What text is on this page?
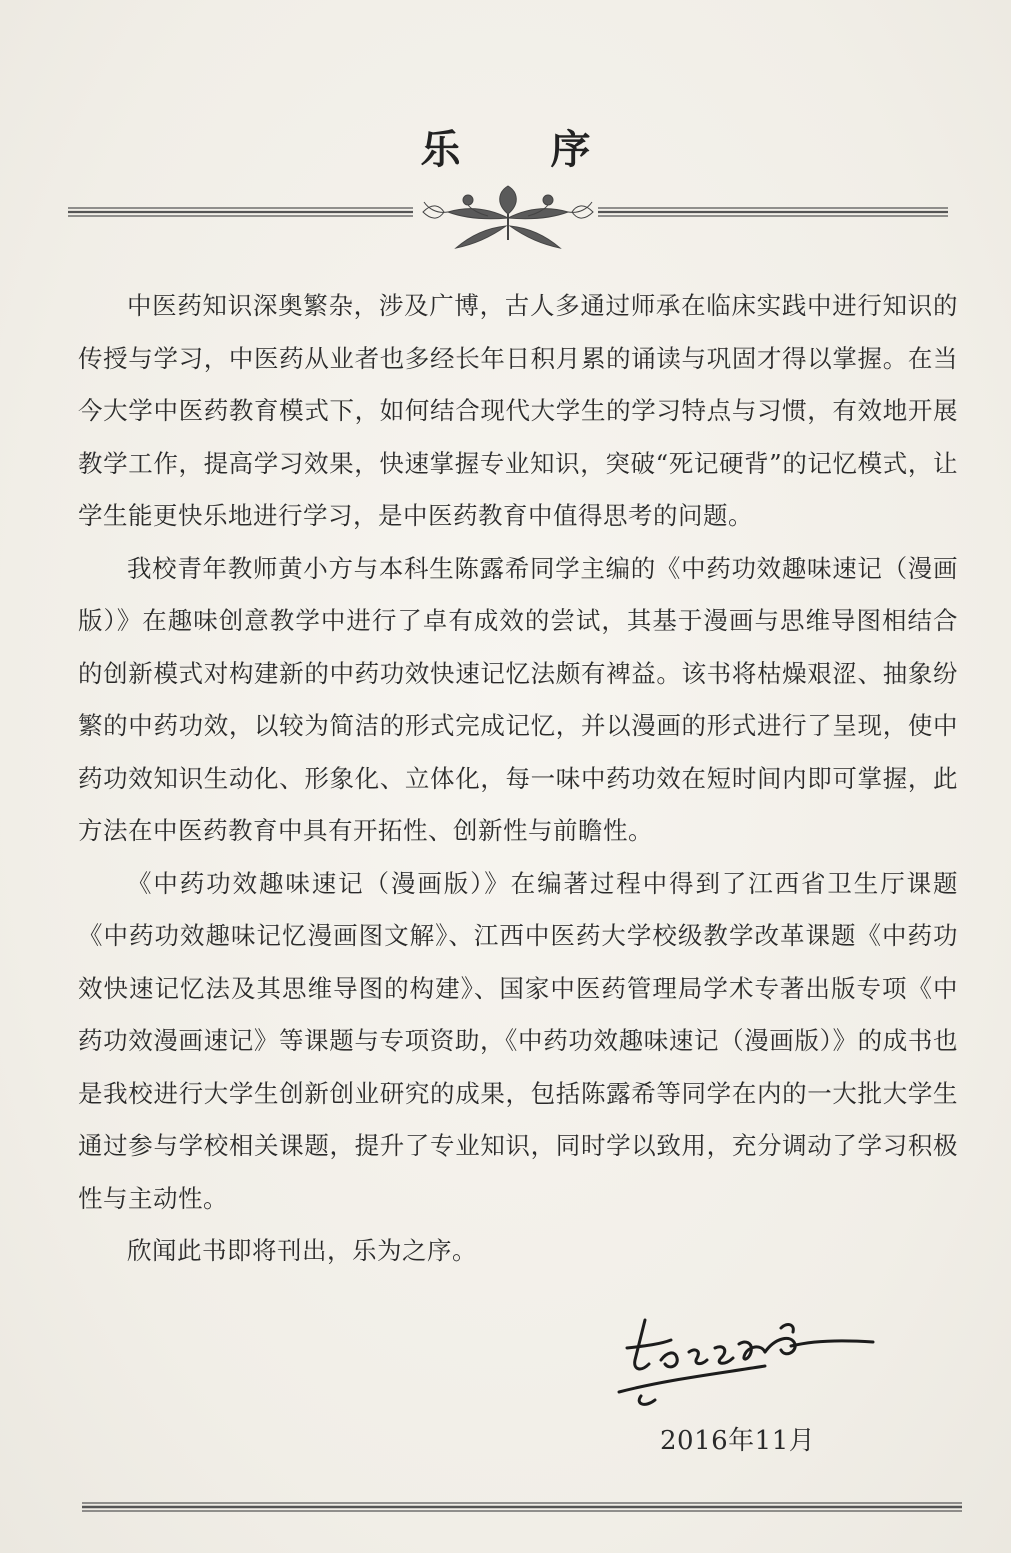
乐 序

中医药知识深奥繁杂，涉及广博，古人多通过师承在临床实践中进行知识的传授与学习，中医药从业者也多经长年日积月累的诵读与巩固才得以掌握。在当今大学中医药教育模式下，如何结合现代大学生的学习特点与习惯，有效地开展教学工作，提高学习效果，快速掌握专业知识，突破“死记硬背”的记忆模式，让学生能更快乐地进行学习，是中医药教育中值得思考的问题。

我校青年教师黄小方与本科生陈露希同学主编的《中药功效趣味速记（漫画版）》在趣味创意教学中进行了卓有成效的尝试，其基于漫画与思维导图相结合的创新模式对构建新的中药功效快速记忆法颇有裨益。该书将枯燥艰涩、抽象纷繁的中药功效，以较为简洁的形式完成记忆，并以漫画的形式进行了呈现，使中药功效知识生动化、形象化、立体化，每一味中药功效在短时间内即可掌握，此方法在中医药教育中具有开拓性、创新性与前瞻性。

《中药功效趣味速记（漫画版）》在编著过程中得到了江西省卫生厅课题《中药功效趣味记忆漫画图文解》、江西中医药大学校级教学改革课题《中药功效快速记忆法及其思维导图的构建》、国家中医药管理局学术专著出版专项《中药功效漫画速记》等课题与专项资助，《中药功效趣味速记（漫画版）》的成书也是我校进行大学生创新创业研究的成果，包括陈露希等同学在内的一大批大学生通过参与学校相关课题，提升了专业知识，同时学以致用，充分调动了学习积极性与主动性。

欣闻此书即将刊出，乐为之序。

2016年11月
